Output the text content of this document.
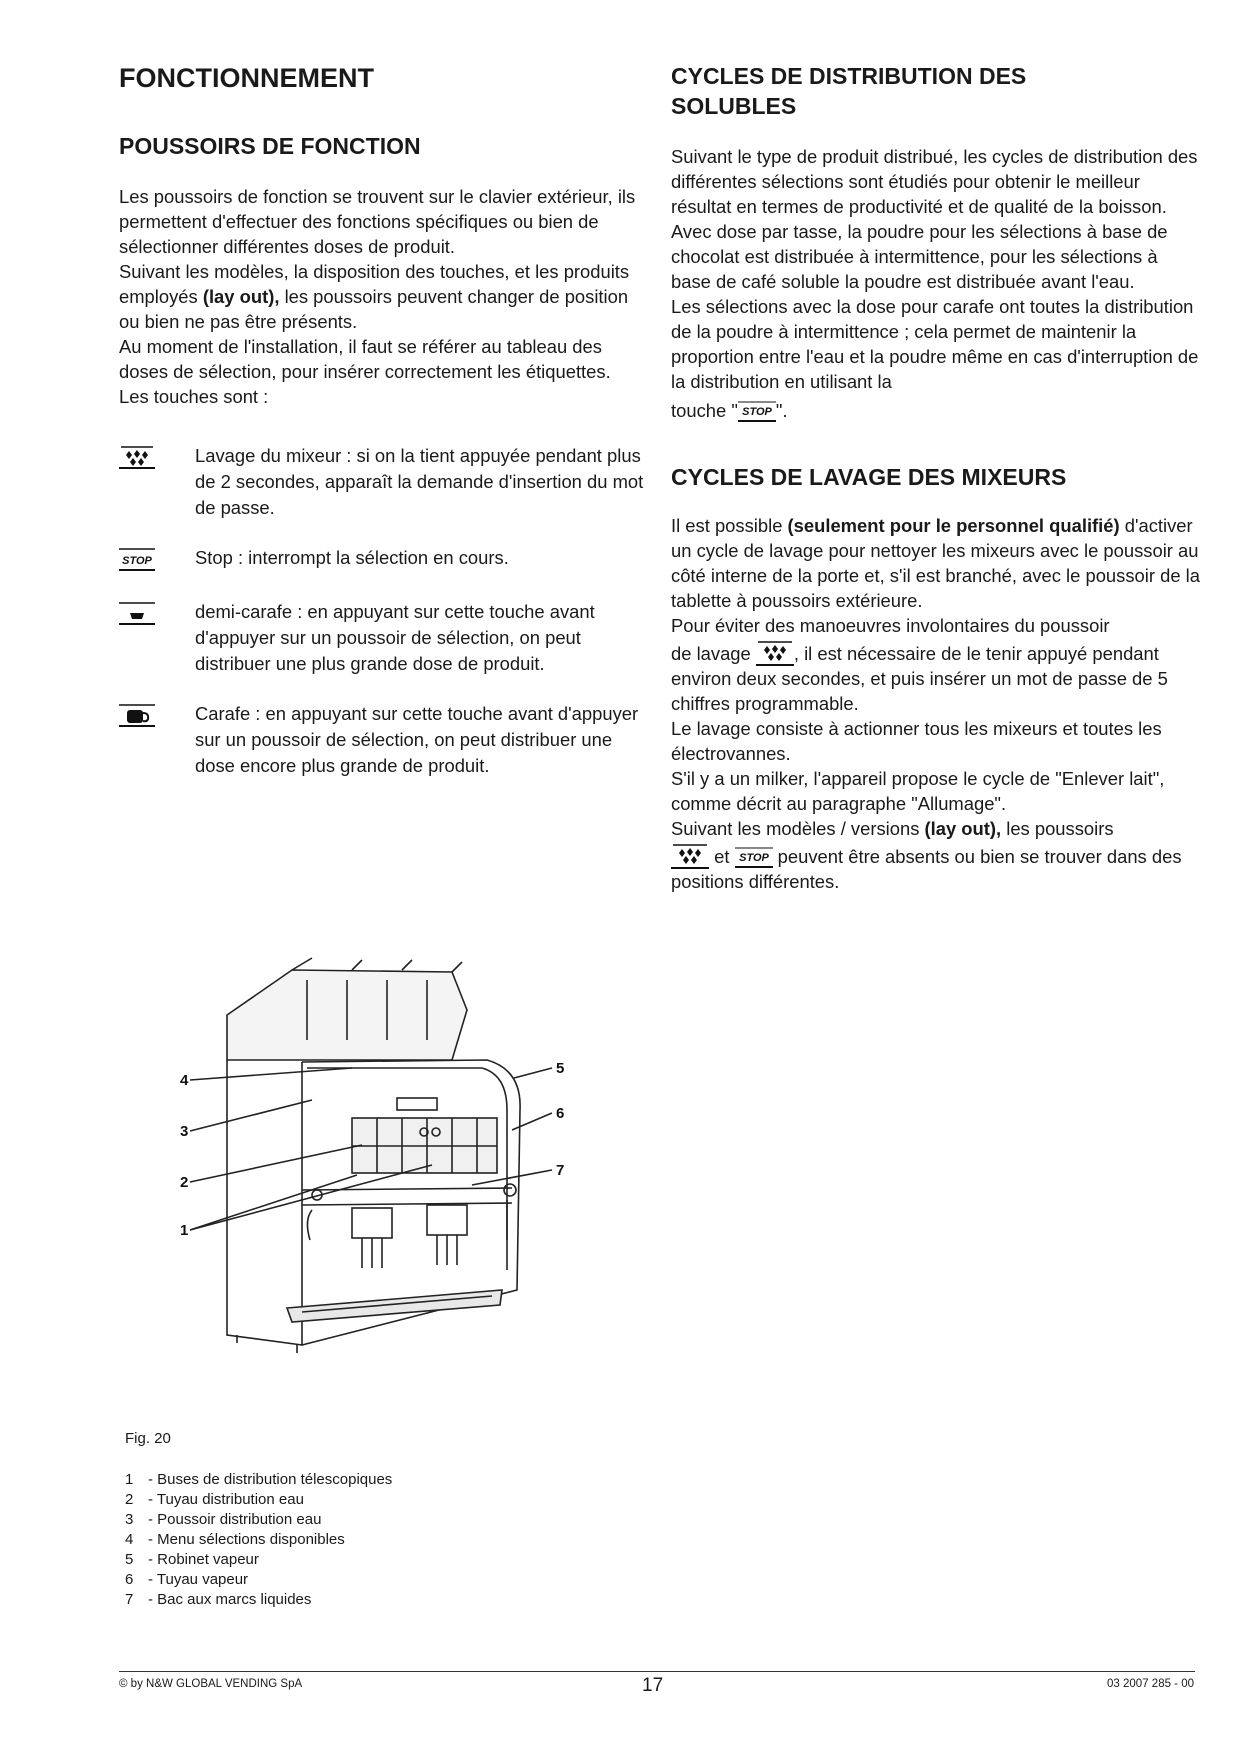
FONCTIONNEMENT
POUSSOIRS DE FONCTION

Les poussoirs de fonction se trouvent sur le clavier extérieur, ils permettent d'effectuer des fonctions spécifiques ou bien de sélectionner différentes doses de produit.

Suivant les modèles, la disposition des touches, et les produits employés (lay out), les poussoirs peuvent changer de position ou bien ne pas être présents.

Au moment de l'installation, il faut se référer au tableau des doses de sélection, pour insérer correctement les étiquettes.

Les touches sont :

Lavage du mixeur : si on la tient appuyée pendant plus de 2 secondes, apparaît la demande d'insertion du mot de passe.
STOP Stop : interrompt la sélection en cours.
demi-carafe : en appuyant sur cette touche avant d'appuyer sur un poussoir de sélection, on peut distribuer une plus grande dose de produit.
Carafe : en appuyant sur cette touche avant d'appuyer sur un poussoir de sélection, on peut distribuer une dose encore plus grande de produit.
CYCLES DE DISTRIBUTION DES
SOLUBLES

Suivant le type de produit distribué, les cycles de distribution des différentes sélections sont étudiés pour obtenir le meilleur résultat en termes de productivité et de qualité de la boisson. Avec dose par tasse, la poudre pour les sélections à base de chocolat est distribuée à intermittence, pour les sélections à base de café soluble la poudre est distribuée avant l'eau.

Les sélections avec la dose pour carafe ont toutes la distribution de la poudre à intermittence ; cela permet de maintenir la proportion entre l'eau et la poudre même en cas d'interruption de la distribution en utilisant la

touche " STOP ".

CYCLES DE LAVAGE DES MIXEURS

Il est possible (seulement pour le personnel qualifié) d'activer un cycle de lavage pour nettoyer les mixeurs avec le poussoir au côté interne de la porte et, s'il est branché, avec le poussoir de la tablette à poussoirs extérieure.

Pour éviter des manoeuvres involontaires du poussoir

de lavage , il est nécessaire de le tenir appuyé pendant environ deux secondes, et puis insérer un mot de passe de 5 chiffres programmable.

Le lavage consiste à actionner tous les mixeurs et toutes les électrovannes.

S'il y a un milker, l'appareil propose le cycle de "Enlever lait", comme décrit au paragraphe "Allumage".

Suivant les modèles / versions (lay out), les poussoirs

et STOP peuvent être absents ou bien se trouver dans des positions différentes.

4
3
2
1
5
6
7
Fig. 20
1 - Buses de distribution télescopiques
2 - Tuyau distribution eau
3 - Poussoir distribution eau
4 - Menu sélections disponibles
5 - Robinet vapeur
6 - Tuyau vapeur
7 - Bac aux marcs liquides
© by N&W GLOBAL VENDING SpA	17	03 2007 285 - 00
